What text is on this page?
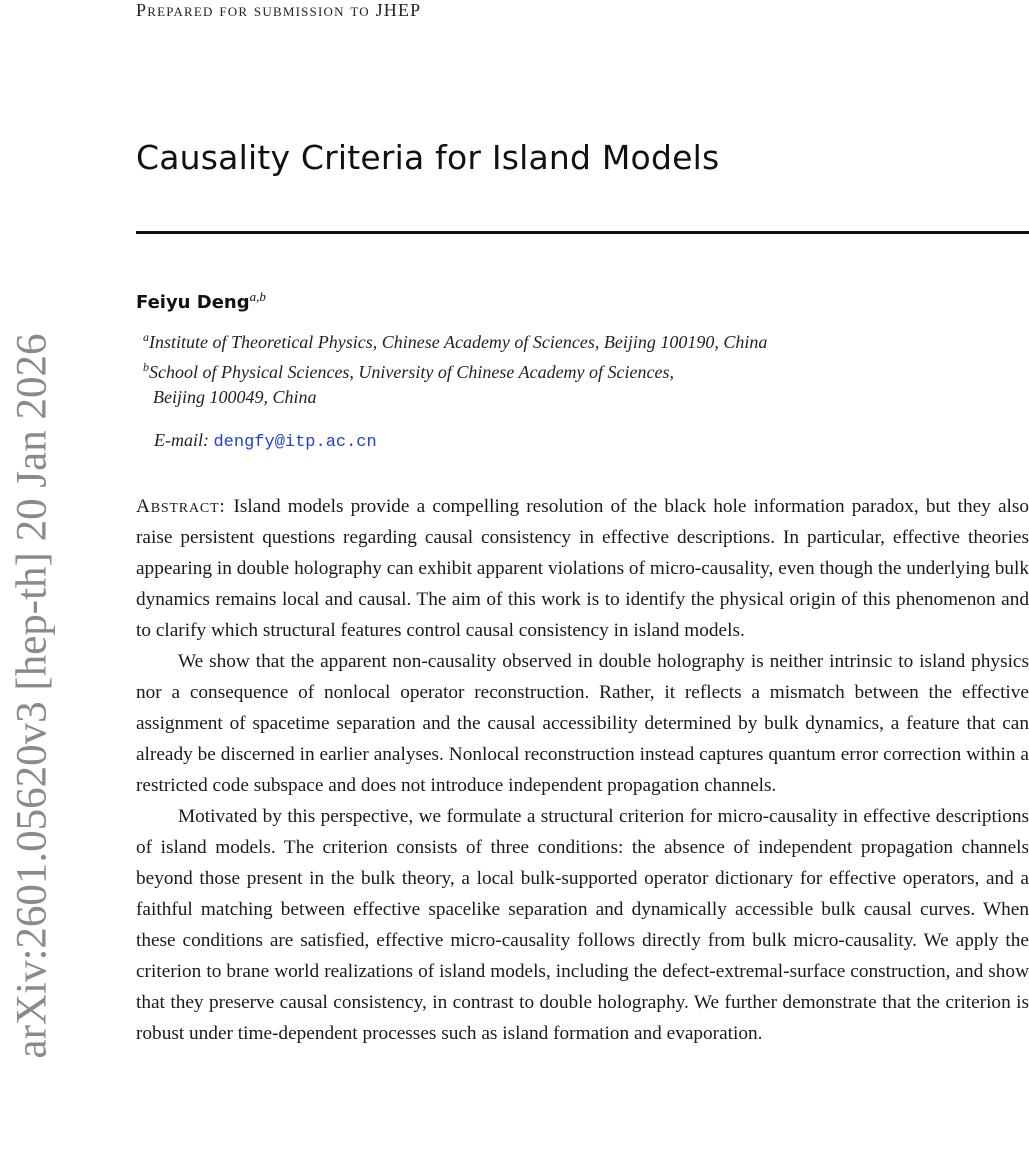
Prepared for submission to JHEP
Causality Criteria for Island Models
Feiyu Deng$^{a,b}$
$^a$Institute of Theoretical Physics, Chinese Academy of Sciences, Beijing 100190, China
$^b$School of Physical Sciences, University of Chinese Academy of Sciences,
Beijing 100049, China
E-mail: dengfy@itp.ac.cn

Abstract: Island models provide a compelling resolution of the black hole information paradox, but they also raise persistent questions regarding causal consistency in effective descriptions. In particular, effective theories appearing in double holography can exhibit apparent violations of micro-causality, even though the underlying bulk dynamics remains local and causal. The aim of this work is to identify the physical origin of this phenomenon and to clarify which structural features control causal consistency in island models.

We show that the apparent non-causality observed in double holography is neither intrinsic to island physics nor a consequence of nonlocal operator reconstruction. Rather, it reflects a mismatch between the effective assignment of spacetime separation and the causal accessibility determined by bulk dynamics, a feature that can already be discerned in earlier analyses. Nonlocal reconstruction instead captures quantum error correction within a restricted code subspace and does not introduce independent propagation channels.

Motivated by this perspective, we formulate a structural criterion for micro-causality in effective descriptions of island models. The criterion consists of three conditions: the absence of independent propagation channels beyond those present in the bulk theory, a local bulk-supported operator dictionary for effective operators, and a faithful matching between effective spacelike separation and dynamically accessible bulk causal curves. When these conditions are satisfied, effective micro-causality follows directly from bulk micro-causality. We apply the criterion to brane world realizations of island models, including the defect-extremal-surface construction, and show that they preserve causal consistency, in contrast to double holography. We further demonstrate that the criterion is robust under time-dependent processes such as island formation and evaporation.

arXiv:2601.05620v3 [hep-th] 20 Jan 2026
